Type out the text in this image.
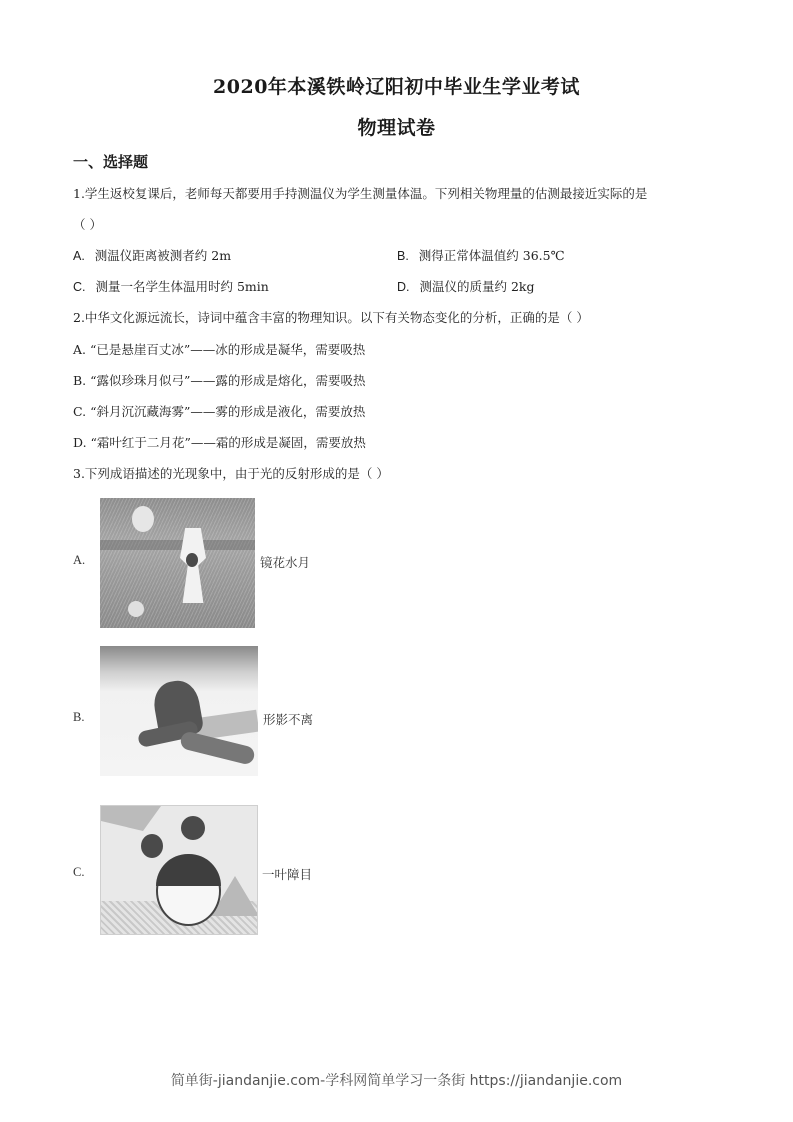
2020年本溪铁岭辽阳初中毕业生学业考试
物理试卷
一、选择题
1.学生返校复课后，老师每天都要用手持测温仪为学生测量体温。下列相关物理量的估测最接近实际的是
（ ）
A. 测温仪距离被测者约 2m	B. 测得正常体温值约 36.5℃
C. 测量一名学生体温用时约 5min	D. 测温仪的质量约 2kg
2.中华文化源远流长，诗词中蕴含丰富的物理知识。以下有关物态变化的分析，正确的是（ ）
A. “已是悬崖百丈冰”——冰的形成是凝华，需要吸热
B. “露似珍珠月似弓”——露的形成是熔化，需要吸热
C. “斜月沉沉藏海雾”——雾的形成是液化，需要放热
D. “霜叶红于二月花”——霜的形成是凝固，需要放热
3.下列成语描述的光现象中，由于光的反射形成的是（ ）
A.	镜花水月
B.	形影不离
C.	一叶障目
简单街-jiandanjie.com-学科网简单学习一条街 https://jiandanjie.com
